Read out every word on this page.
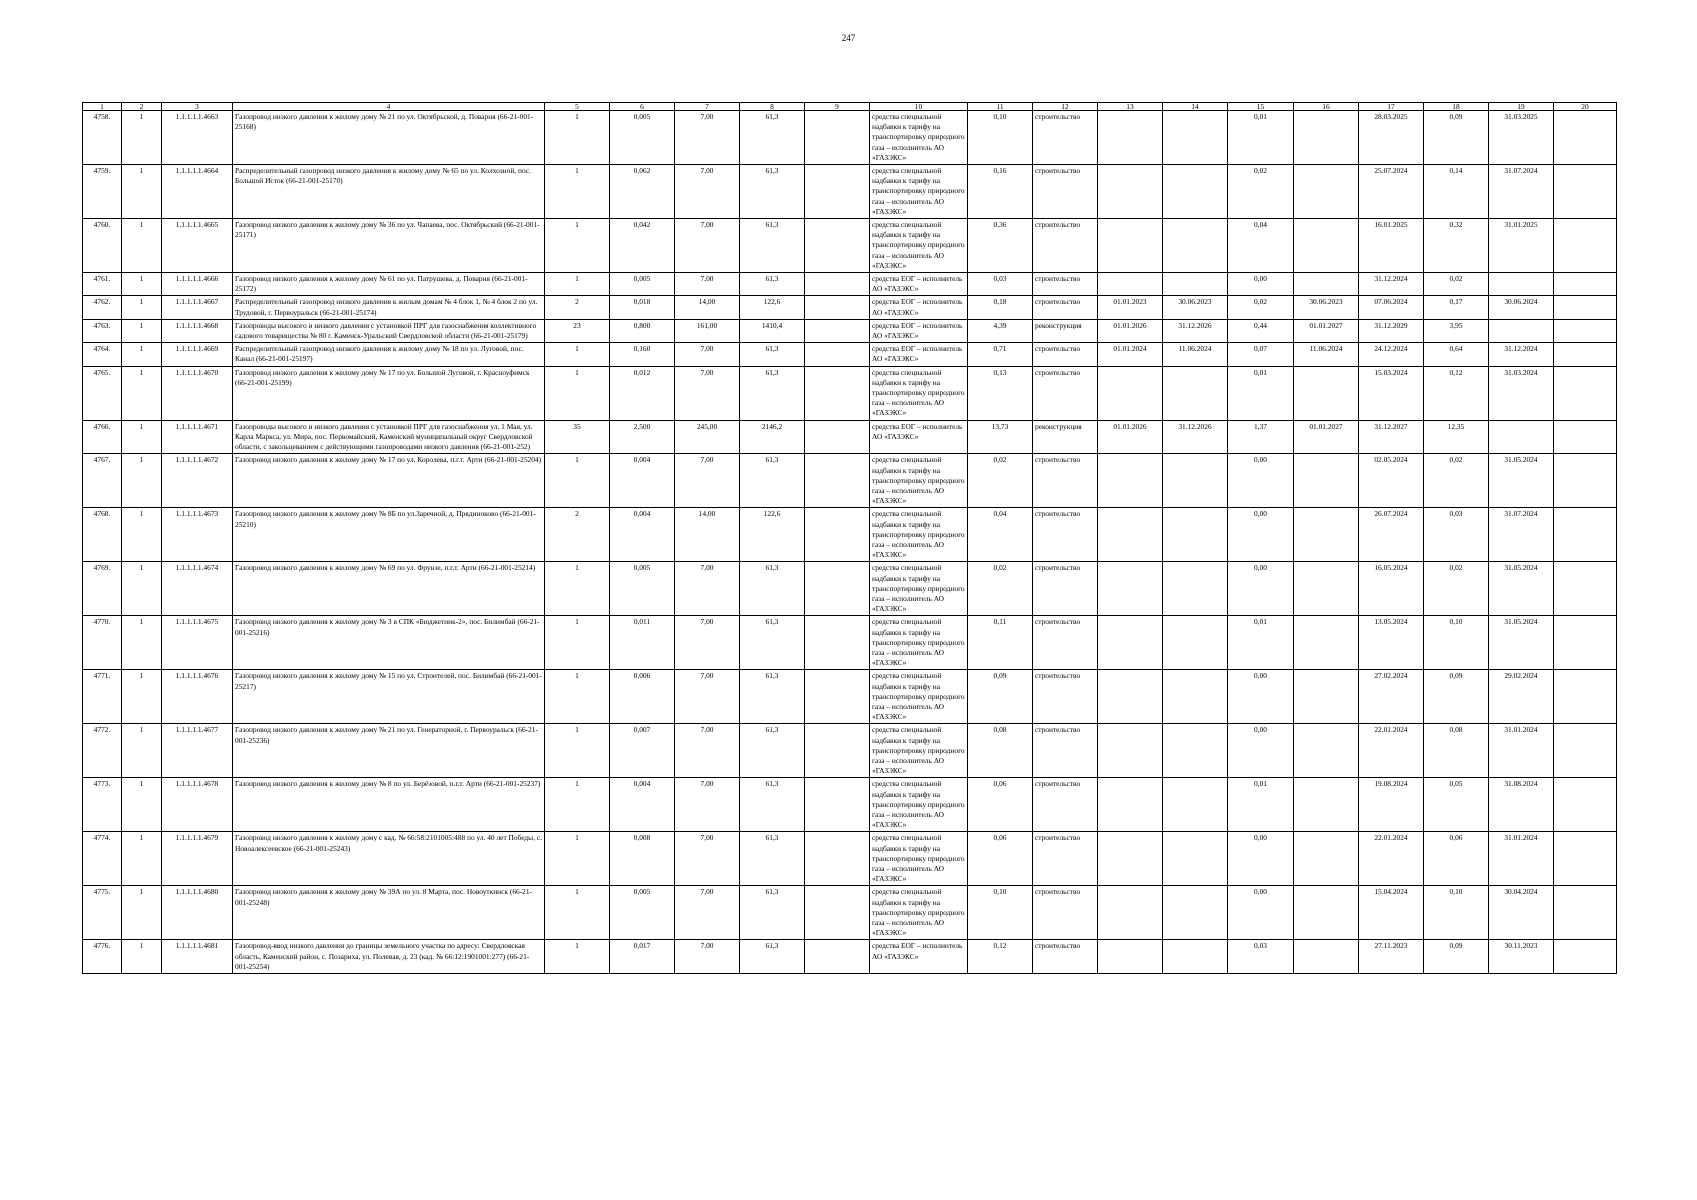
247
1	2	3	4	5	6	7	8	9	10	11	12	13	14	15	16	17	18	19	20
4758.	1	1.1.1.1.1.4663	Газопровод низкого давления к жилому дому № 21 по ул. Октябрьской, д. Поварня (66-21-001-25168)	1	0,005	7,00	61,3		средства специальной надбавки к тарифу на транспортировку природного газа – исполнитель АО «ГАЗЭКС»	0,10	строительство			0,01		28.03.2025	0,09	31.03.2025	
4759.	1	1.1.1.1.1.4664	Распределительный газопровод низкого давления к жилому дому № 65 по ул. Колхозной, пос. Большой Исток (66-21-001-25170)	1	0,062	7,00	61,3		средства специальной надбавки к тарифу на транспортировку природного газа – исполнитель АО «ГАЗЭКС»	0,16	строительство			0,02		25.07.2024	0,14	31.07.2024	
4760.	1	1.1.1.1.1.4665	Газопровод низкого давления к жилому дому № 36 по ул. Чапаева, пос. Октябрьский (66-21-001-25171)	1	0,042	7,00	61,3		средства специальной надбавки к тарифу на транспортировку природного газа – исполнитель АО «ГАЗЭКС»	0,36	строительство			0,04		16.01.2025	0,32	31.01.2025	
4761.	1	1.1.1.1.1.4666	Газопровод низкого давления к жилому дому № 61 по ул. Патрушева, д. Поварня (66-21-001-25172)	1	0,005	7,00	61,3		средства ЕОГ – исполнитель АО «ГАЗЭКС»	0,03	строительство			0,00		31.12.2024	0,02		
4762.	1	1.1.1.1.1.4667	Распределительный газопровод низкого давления к жилым домам № 4 блок 1, № 4 блок 2 по ул. Трудовой, г. Первоуральск (66-21-001-25174)	2	0,018	14,00	122,6		средства ЕОГ – исполнитель АО «ГАЗЭКС»	0,18	строительство	01.01.2023	30.06.2023	0,02	30.06.2023	07.06.2024	0,17	30.06.2024	
4763.	1	1.1.1.1.1.4668	Газопроводы высокого и низкого давления с установкой ПРГ для газоснабжения коллективного садового товарищества № 80 г. Каменск-Уральский Свердловской области (66-21-001-25179)	23	0,800	161,00	1410,4		средства ЕОГ – исполнитель АО «ГАЗЭКС»	4,39	реконструкция	01.01.2026	31.12.2026	0,44	01.01.2027	31.12.2029	3,95		
4764.	1	1.1.1.1.1.4669	Распределительный газопровод низкого давления к жилому дому № 18 по ул. Луговой, пос. Канал (66-21-001-25197)	1	0,160	7,00	61,3		средства ЕОГ – исполнитель АО «ГАЗЭКС»	0,71	строительство	01.01.2024	11.06.2024	0,07	11.06.2024	24.12.2024	0,64	31.12.2024	
4765.	1	1.1.1.1.1.4670	Газопровод низкого давления к жилому дому № 17 по ул. Большой Луговой, г. Красноуфимск (66-21-001-25199)	1	0,012	7,00	61,3		средства специальной надбавки к тарифу на транспортировку природного газа – исполнитель АО «ГАЗЭКС»	0,13	строительство			0,01		15.03.2024	0,12	31.03.2024	
4766.	1	1.1.1.1.1.4671	Газопроводы высокого и низкого давления с установкой ПРГ для газоснабжения ул. 1 Мая, ул. Карла Маркса, ул. Мира, пос. Первомайский, Каменский муниципальный округ Свердловской области, с закольцеванием с действующими газопроводами низкого давления (66-21-001-252)	35	2,500	245,00	2146,2		средства ЕОГ – исполнитель АО «ГАЗЭКС»	13,73	реконструкция	01.01.2026	31.12.2026	1,37	01.01.2027	31.12.2027	12,35		
4767.	1	1.1.1.1.1.4672	Газопровод низкого давления к жилому дому № 17 по ул. Королева, п.г.т. Арти (66-21-001-25204)	1	0,004	7,00	61,3		средства специальной надбавки к тарифу на транспортировку природного газа – исполнитель АО «ГАЗЭКС»	0,02	строительство			0,00		02.05.2024	0,02	31.05.2024	
4768.	1	1.1.1.1.1.4673	Газопровод низкого давления к жилому дому № 8Б по ул.Заречной, д. Прядиноково (66-21-001-25210)	2	0,004	14,00	122,6		средства специальной надбавки к тарифу на транспортировку природного газа – исполнитель АО «ГАЗЭКС»	0,04	строительство			0,00		26.07.2024	0,03	31.07.2024	
4769.	1	1.1.1.1.1.4674	Газопровод низкого давления к жилому дому № 69 по ул. Фрунзе, п.г.т. Арти (66-21-001-25214)	1	0,005	7,00	61,3		средства специальной надбавки к тарифу на транспортировку природного газа – исполнитель АО «ГАЗЭКС»	0,02	строительство			0,00		16.05.2024	0,02	31.05.2024	
4770.	1	1.1.1.1.1.4675	Газопровод низкого давления к жилому дому № 3 в СПК «Бюджетник-2», пос. Билимбай (66-21-001-25216)	1	0,011	7,00	61,3		средства специальной надбавки к тарифу на транспортировку природного газа – исполнитель АО «ГАЗЭКС»	0,11	строительство			0,01		13.05.2024	0,10	31.05.2024	
4771.	1	1.1.1.1.1.4676	Газопровод низкого давления к жилому дому № 15 по ул. Строителей, пос. Билимбай (66-21-001-25217)	1	0,006	7,00	61,3		средства специальной надбавки к тарифу на транспортировку природного газа – исполнитель АО «ГАЗЭКС»	0,09	строительство			0,00		27.02.2024	0,09	29.02.2024	
4772.	1	1.1.1.1.1.4677	Газопровод низкого давления к жилому дому № 21 по ул. Генераторной, г. Первоуральск (66-21-001-25236)	1	0,007	7,00	61,3		средства специальной надбавки к тарифу на транспортировку природного газа – исполнитель АО «ГАЗЭКС»	0,08	строительство			0,00		22.01.2024	0,08	31.01.2024	
4773.	1	1.1.1.1.1.4678	Газопровод низкого давления к жилому дому № 8 по ул. Берёзовой, п.г.т. Арти (66-21-001-25237)	1	0,004	7,00	61,3		средства специальной надбавки к тарифу на транспортировку природного газа – исполнитель АО «ГАЗЭКС»	0,06	строительство			0,01		19.08.2024	0,05	31.08.2024	
4774.	1	1.1.1.1.1.4679	Газопровод низкого давления к жилому дому с кад. № 66:58:2101005:488 по ул. 40 лет Победы, с. Новоалексеевское (66-21-001-25243)	1	0,008	7,00	61,3		средства специальной надбавки к тарифу на транспортировку природного газа – исполнитель АО «ГАЗЭКС»	0,06	строительство			0,00		22.01.2024	0,06	31.01.2024	
4775.	1	1.1.1.1.1.4680	Газопровод низкого давления к жилому дому № 39А по ул. 8 Марта, пос. Новоуткинск (66-21-001-25248)	1	0,005	7,00	61,3		средства специальной надбавки к тарифу на транспортировку природного газа – исполнитель АО «ГАЗЭКС»	0,10	строительство			0,00		15.04.2024	0,10	30.04.2024	
4776.	1	1.1.1.1.1.4681	Газопровод-ввод низкого давления до границы земельного участка по адресу: Свердловская область, Каменский район, с. Позариха, ул. Полевая, д. 23 (кад. № 66:12:1901001:277) (66-21-001-25254)	1	0,017	7,00	61,3		средства ЕОГ – исполнитель АО «ГАЗЭКС»	0,12	строительство			0,03		27.11.2023	0,09	30.11.2023	
